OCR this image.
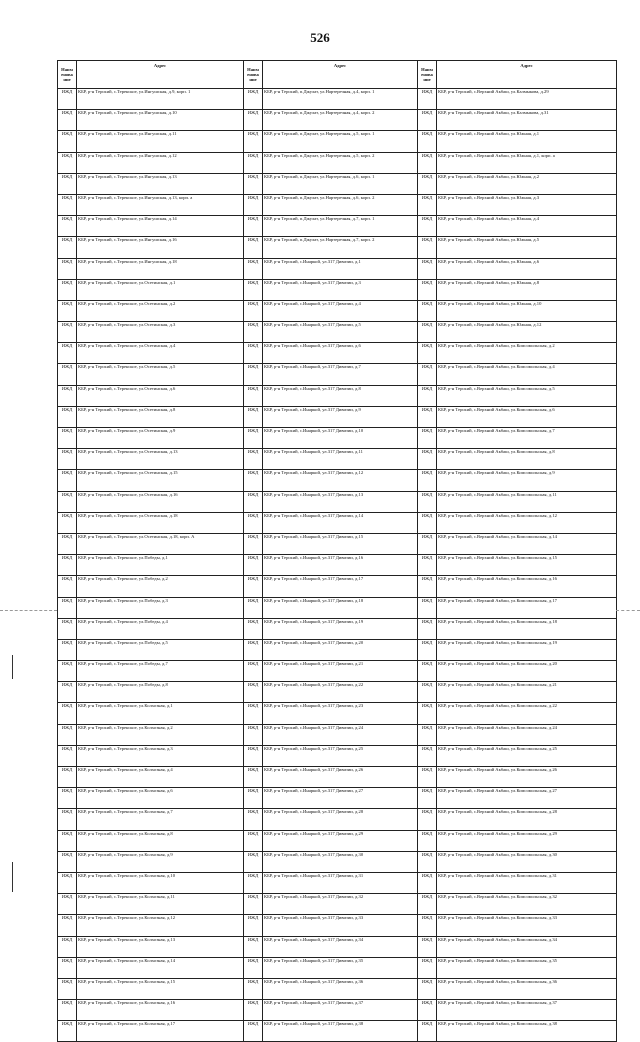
526
Наим енова ние	Адрес	Наим енова ние	Адрес	Наим енова ние	Адрес
ИЖД	КБР, р-н Терский, с.Терекское, ул.Ингушская, д.9, корп. 1	ИЖД	КБР, р-н Терский, п.Джулат, ул.Нартеречная, д.4, корп. 1	ИЖД	КБР, р-н Терский, с.Верхний Акбаш, ул.Калмыкова, д.29
ИЖД	КБР, р-н Терский, с.Терекское, ул.Ингушская, д.10	ИЖД	КБР, р-н Терский, п.Джулат, ул.Нартеречная, д.4, корп. 2	ИЖД	КБР, р-н Терский, с.Верхний Акбаш, ул.Калмыкова, д.31
ИЖД	КБР, р-н Терский, с.Терекское, ул.Ингушская, д.11	ИЖД	КБР, р-н Терский, п.Джулат, ул.Нартеречная, д.5, корп. 1	ИЖД	КБР, р-н Терский, с.Верхний Акбаш, ул.Южная, д.1
ИЖД	КБР, р-н Терский, с.Терекское, ул.Ингушская, д.12	ИЖД	КБР, р-н Терский, п.Джулат, ул.Нартеречная, д.5, корп. 2	ИЖД	КБР, р-н Терский, с.Верхний Акбаш, ул.Южная, д.1, корп. а
ИЖД	КБР, р-н Терский, с.Терекское, ул.Ингушская, д.13	ИЖД	КБР, р-н Терский, п.Джулат, ул.Нартеречная, д.6, корп. 1	ИЖД	КБР, р-н Терский, с.Верхний Акбаш, ул.Южная, д.2
ИЖД	КБР, р-н Терский, с.Терекское, ул.Ингушская, д.13, корп. а	ИЖД	КБР, р-н Терский, п.Джулат, ул.Нартеречная, д.6, корп. 2	ИЖД	КБР, р-н Терский, с.Верхний Акбаш, ул.Южная, д.3
ИЖД	КБР, р-н Терский, с.Терекское, ул.Ингушская, д.14	ИЖД	КБР, р-н Терский, п.Джулат, ул.Нартеречная, д.7, корп. 1	ИЖД	КБР, р-н Терский, с.Верхний Акбаш, ул.Южная, д.4
ИЖД	КБР, р-н Терский, с.Терекское, ул.Ингушская, д.16	ИЖД	КБР, р-н Терский, п.Джулат, ул.Нартеречная, д.7, корп. 2	ИЖД	КБР, р-н Терский, с.Верхний Акбаш, ул.Южная, д.5
ИЖД	КБР, р-н Терский, с.Терекское, ул.Ингушская, д.18	ИЖД	КБР, р-н Терский, с.Инаркой, ул.317 Дивизии, д.1	ИЖД	КБР, р-н Терский, с.Верхний Акбаш, ул.Южная, д.6
ИЖД	КБР, р-н Терский, с.Терекское, ул.Осетинская, д.1	ИЖД	КБР, р-н Терский, с.Инаркой, ул.317 Дивизии, д.3	ИЖД	КБР, р-н Терский, с.Верхний Акбаш, ул.Южная, д.8
ИЖД	КБР, р-н Терский, с.Терекское, ул.Осетинская, д.2	ИЖД	КБР, р-н Терский, с.Инаркой, ул.317 Дивизии, д.4	ИЖД	КБР, р-н Терский, с.Верхний Акбаш, ул.Южная, д.10
ИЖД	КБР, р-н Терский, с.Терекское, ул.Осетинская, д.3	ИЖД	КБР, р-н Терский, с.Инаркой, ул.317 Дивизии, д.5	ИЖД	КБР, р-н Терский, с.Верхний Акбаш, ул.Южная, д.12
ИЖД	КБР, р-н Терский, с.Терекское, ул.Осетинская, д.4	ИЖД	КБР, р-н Терский, с.Инаркой, ул.317 Дивизии, д.6	ИЖД	КБР, р-н Терский, с.Верхний Акбаш, ул.Комсомольская, д.2
ИЖД	КБР, р-н Терский, с.Терекское, ул.Осетинская, д.5	ИЖД	КБР, р-н Терский, с.Инаркой, ул.317 Дивизии, д.7	ИЖД	КБР, р-н Терский, с.Верхний Акбаш, ул.Комсомольская, д.4
ИЖД	КБР, р-н Терский, с.Терекское, ул.Осетинская, д.6	ИЖД	КБР, р-н Терский, с.Инаркой, ул.317 Дивизии, д.8	ИЖД	КБР, р-н Терский, с.Верхний Акбаш, ул.Комсомольская, д.5
ИЖД	КБР, р-н Терский, с.Терекское, ул.Осетинская, д.8	ИЖД	КБР, р-н Терский, с.Инаркой, ул.317 Дивизии, д.9	ИЖД	КБР, р-н Терский, с.Верхний Акбаш, ул.Комсомольская, д.6
ИЖД	КБР, р-н Терский, с.Терекское, ул.Осетинская, д.9	ИЖД	КБР, р-н Терский, с.Инаркой, ул.317 Дивизии, д.10	ИЖД	КБР, р-н Терский, с.Верхний Акбаш, ул.Комсомольская, д.7
ИЖД	КБР, р-н Терский, с.Терекское, ул.Осетинская, д.13	ИЖД	КБР, р-н Терский, с.Инаркой, ул.317 Дивизии, д.11	ИЖД	КБР, р-н Терский, с.Верхний Акбаш, ул.Комсомольская, д.8
ИЖД	КБР, р-н Терский, с.Терекское, ул.Осетинская, д.15	ИЖД	КБР, р-н Терский, с.Инаркой, ул.317 Дивизии, д.12	ИЖД	КБР, р-н Терский, с.Верхний Акбаш, ул.Комсомольская, д.9
ИЖД	КБР, р-н Терский, с.Терекское, ул.Осетинская, д.16	ИЖД	КБР, р-н Терский, с.Инаркой, ул.317 Дивизии, д.13	ИЖД	КБР, р-н Терский, с.Верхний Акбаш, ул.Комсомольская, д.11
ИЖД	КБР, р-н Терский, с.Терекское, ул.Осетинская, д.18	ИЖД	КБР, р-н Терский, с.Инаркой, ул.317 Дивизии, д.14	ИЖД	КБР, р-н Терский, с.Верхний Акбаш, ул.Комсомольская, д.12
ИЖД	КБР, р-н Терский, с.Терекское, ул.Осетинская, д.18, корп. А	ИЖД	КБР, р-н Терский, с.Инаркой, ул.317 Дивизии, д.15	ИЖД	КБР, р-н Терский, с.Верхний Акбаш, ул.Комсомольская, д.14
ИЖД	КБР, р-н Терский, с.Терекское, ул.Победы, д.1	ИЖД	КБР, р-н Терский, с.Инаркой, ул.317 Дивизии, д.16	ИЖД	КБР, р-н Терский, с.Верхний Акбаш, ул.Комсомольская, д.15
ИЖД	КБР, р-н Терский, с.Терекское, ул.Победы, д.2	ИЖД	КБР, р-н Терский, с.Инаркой, ул.317 Дивизии, д.17	ИЖД	КБР, р-н Терский, с.Верхний Акбаш, ул.Комсомольская, д.16
ИЖД	КБР, р-н Терский, с.Терекское, ул.Победы, д.3	ИЖД	КБР, р-н Терский, с.Инаркой, ул.317 Дивизии, д.18	ИЖД	КБР, р-н Терский, с.Верхний Акбаш, ул.Комсомольская, д.17
ИЖД	КБР, р-н Терский, с.Терекское, ул.Победы, д.4	ИЖД	КБР, р-н Терский, с.Инаркой, ул.317 Дивизии, д.19	ИЖД	КБР, р-н Терский, с.Верхний Акбаш, ул.Комсомольская, д.18
ИЖД	КБР, р-н Терский, с.Терекское, ул.Победы, д.5	ИЖД	КБР, р-н Терский, с.Инаркой, ул.317 Дивизии, д.20	ИЖД	КБР, р-н Терский, с.Верхний Акбаш, ул.Комсомольская, д.19
ИЖД	КБР, р-н Терский, с.Терекское, ул.Победы, д.7	ИЖД	КБР, р-н Терский, с.Инаркой, ул.317 Дивизии, д.21	ИЖД	КБР, р-н Терский, с.Верхний Акбаш, ул.Комсомольская, д.20
ИЖД	КБР, р-н Терский, с.Терекское, ул.Победы, д.8	ИЖД	КБР, р-н Терский, с.Инаркой, ул.317 Дивизии, д.22	ИЖД	КБР, р-н Терский, с.Верхний Акбаш, ул.Комсомольская, д.21
ИЖД	КБР, р-н Терский, с.Терекское, ул.Колхозная, д.1	ИЖД	КБР, р-н Терский, с.Инаркой, ул.317 Дивизии, д.23	ИЖД	КБР, р-н Терский, с.Верхний Акбаш, ул.Комсомольская, д.22
ИЖД	КБР, р-н Терский, с.Терекское, ул.Колхозная, д.2	ИЖД	КБР, р-н Терский, с.Инаркой, ул.317 Дивизии, д.24	ИЖД	КБР, р-н Терский, с.Верхний Акбаш, ул.Комсомольская, д.24
ИЖД	КБР, р-н Терский, с.Терекское, ул.Колхозная, д.3	ИЖД	КБР, р-н Терский, с.Инаркой, ул.317 Дивизии, д.25	ИЖД	КБР, р-н Терский, с.Верхний Акбаш, ул.Комсомольская, д.25
ИЖД	КБР, р-н Терский, с.Терекское, ул.Колхозная, д.4	ИЖД	КБР, р-н Терский, с.Инаркой, ул.317 Дивизии, д.26	ИЖД	КБР, р-н Терский, с.Верхний Акбаш, ул.Комсомольская, д.26
ИЖД	КБР, р-н Терский, с.Терекское, ул.Колхозная, д.6	ИЖД	КБР, р-н Терский, с.Инаркой, ул.317 Дивизии, д.27	ИЖД	КБР, р-н Терский, с.Верхний Акбаш, ул.Комсомольская, д.27
ИЖД	КБР, р-н Терский, с.Терекское, ул.Колхозная, д.7	ИЖД	КБР, р-н Терский, с.Инаркой, ул.317 Дивизии, д.28	ИЖД	КБР, р-н Терский, с.Верхний Акбаш, ул.Комсомольская, д.28
ИЖД	КБР, р-н Терский, с.Терекское, ул.Колхозная, д.8	ИЖД	КБР, р-н Терский, с.Инаркой, ул.317 Дивизии, д.29	ИЖД	КБР, р-н Терский, с.Верхний Акбаш, ул.Комсомольская, д.29
ИЖД	КБР, р-н Терский, с.Терекское, ул.Колхозная, д.9	ИЖД	КБР, р-н Терский, с.Инаркой, ул.317 Дивизии, д.30	ИЖД	КБР, р-н Терский, с.Верхний Акбаш, ул.Комсомольская, д.30
ИЖД	КБР, р-н Терский, с.Терекское, ул.Колхозная, д.10	ИЖД	КБР, р-н Терский, с.Инаркой, ул.317 Дивизии, д.31	ИЖД	КБР, р-н Терский, с.Верхний Акбаш, ул.Комсомольская, д.31
ИЖД	КБР, р-н Терский, с.Терекское, ул.Колхозная, д.11	ИЖД	КБР, р-н Терский, с.Инаркой, ул.317 Дивизии, д.32	ИЖД	КБР, р-н Терский, с.Верхний Акбаш, ул.Комсомольская, д.32
ИЖД	КБР, р-н Терский, с.Терекское, ул.Колхозная, д.12	ИЖД	КБР, р-н Терский, с.Инаркой, ул.317 Дивизии, д.33	ИЖД	КБР, р-н Терский, с.Верхний Акбаш, ул.Комсомольская, д.33
ИЖД	КБР, р-н Терский, с.Терекское, ул.Колхозная, д.13	ИЖД	КБР, р-н Терский, с.Инаркой, ул.317 Дивизии, д.34	ИЖД	КБР, р-н Терский, с.Верхний Акбаш, ул.Комсомольская, д.34
ИЖД	КБР, р-н Терский, с.Терекское, ул.Колхозная, д.14	ИЖД	КБР, р-н Терский, с.Инаркой, ул.317 Дивизии, д.35	ИЖД	КБР, р-н Терский, с.Верхний Акбаш, ул.Комсомольская, д.35
ИЖД	КБР, р-н Терский, с.Терекское, ул.Колхозная, д.15	ИЖД	КБР, р-н Терский, с.Инаркой, ул.317 Дивизии, д.36	ИЖД	КБР, р-н Терский, с.Верхний Акбаш, ул.Комсомольская, д.36
ИЖД	КБР, р-н Терский, с.Терекское, ул.Колхозная, д.16	ИЖД	КБР, р-н Терский, с.Инаркой, ул.317 Дивизии, д.37	ИЖД	КБР, р-н Терский, с.Верхний Акбаш, ул.Комсомольская, д.37
ИЖД	КБР, р-н Терский, с.Терекское, ул.Колхозная, д.17	ИЖД	КБР, р-н Терский, с.Инаркой, ул.317 Дивизии, д.38	ИЖД	КБР, р-н Терский, с.Верхний Акбаш, ул.Комсомольская, д.38
